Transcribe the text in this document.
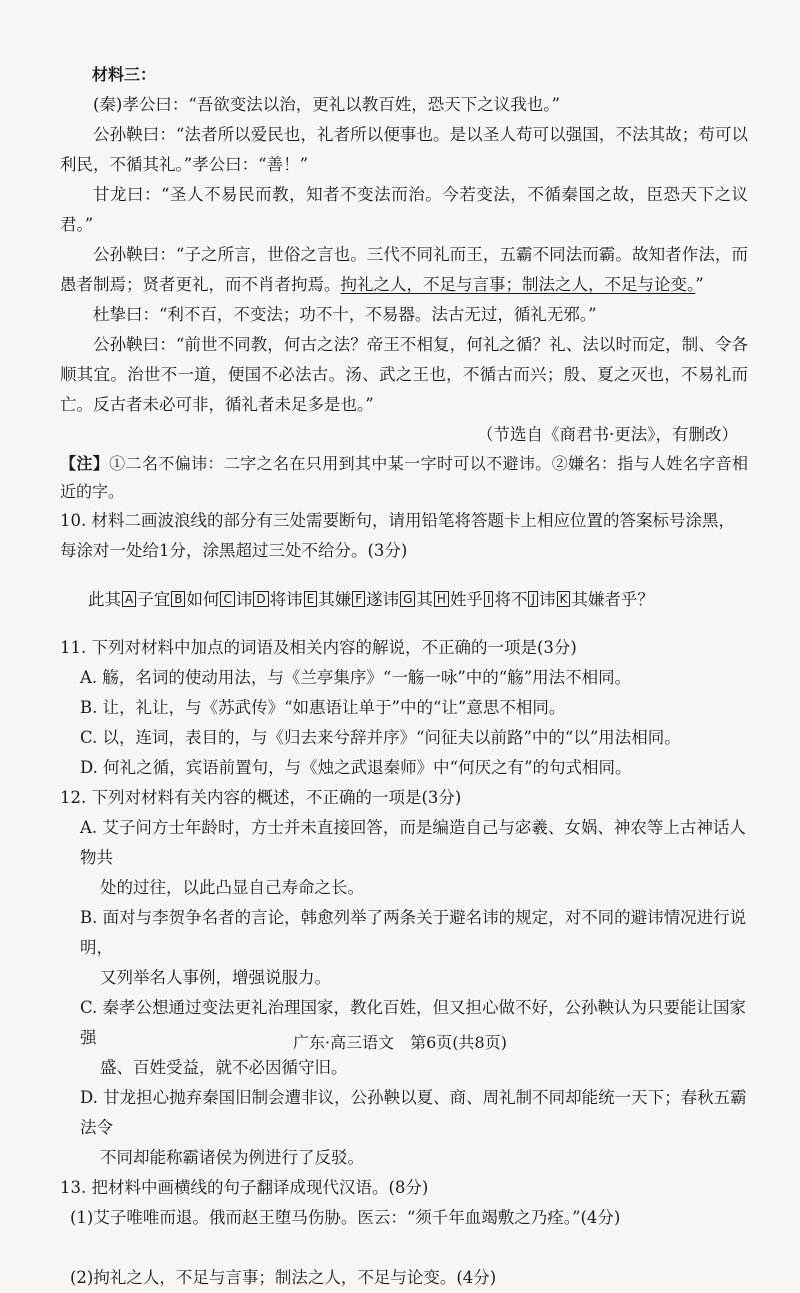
材料三：

(秦)孝公曰：“吾欲变法以治，更礼以教百姓，恐天下之议我也。”

公孙鞅曰：“法者所以爱民也，礼者所以便事也。是以圣人苟可以强国，不法其故；苟可以利民，不循其礼。”孝公曰：“善！”

甘龙曰：“圣人不易民而教，知者不变法而治。今若变法，不循秦国之故，臣恐天下之议君。”

公孙鞅曰：“子之所言，世俗之言也。三代不同礼而王，五霸不同法而霸。故知者作法，而愚者制焉；贤者更礼，而不肖者拘焉。拘礼之人，不足与言事；制法之人，不足与论变。”

杜挚曰：“利不百，不变法；功不十，不易器。法古无过，循礼无邪。”

公孙鞅曰：“前世不同教，何古之法？帝王不相复，何礼之循？礼、法以时而定，制、令各顺其宜。治世不一道，便国不必法古。汤、武之王也，不循古而兴；殷、夏之灭也，不易礼而亡。反古者未必可非，循礼者未足多是也。”

（节选自《商君书·更法》，有删改）

【注】①二名不偏讳：二字之名在只用到其中某一字时可以不避讳。②嫌名：指与人姓名字音相近的字。

10. 材料二画波浪线的部分有三处需要断句，请用铅笔将答题卡上相应位置的答案标号涂黑，每涂对一处给1分，涂黑超过三处不给分。(3分)

此其 A 子宜 B 如何 C 讳 D 将讳 E 其嫌 F 遂讳 G 其 H 姓乎 I 将不 J 讳 K 其嫌者乎？

11. 下列对材料中加点的词语及相关内容的解说，不正确的一项是(3分)

A. 觞，名词的使动用法，与《兰亭集序》“一觞一咏”中的“觞”用法不相同。

B. 让，礼让，与《苏武传》“如惠语让单于”中的“让”意思不相同。

C. 以，连词，表目的，与《归去来兮辞并序》“问征夫以前路”中的“以”用法相同。

D. 何礼之循，宾语前置句，与《烛之武退秦师》中“何厌之有”的句式相同。

12. 下列对材料有关内容的概述，不正确的一项是(3分)

A. 艾子问方士年龄时，方士并未直接回答，而是编造自己与宓羲、女娲、神农等上古神话人物共
处的过往，以此凸显自己寿命之长。

B. 面对与李贺争名者的言论，韩愈列举了两条关于避名讳的规定，对不同的避讳情况进行说明，
又列举名人事例，增强说服力。

C. 秦孝公想通过变法更礼治理国家，教化百姓，但又担心做不好，公孙鞅认为只要能让国家强
盛、百姓受益，就不必因循守旧。

D. 甘龙担心抛弃秦国旧制会遭非议，公孙鞅以夏、商、周礼制不同却能统一天下；春秋五霸法令
不同却能称霸诸侯为例进行了反驳。

13. 把材料中画横线的句子翻译成现代汉语。(8分)

(1)艾子唯唯而退。俄而赵王堕马伤胁。医云：“须千年血竭敷之乃痊。”(4分)

(2)拘礼之人，不足与言事；制法之人，不足与论变。(4分)

广东·高三语文　第6页(共8页)
